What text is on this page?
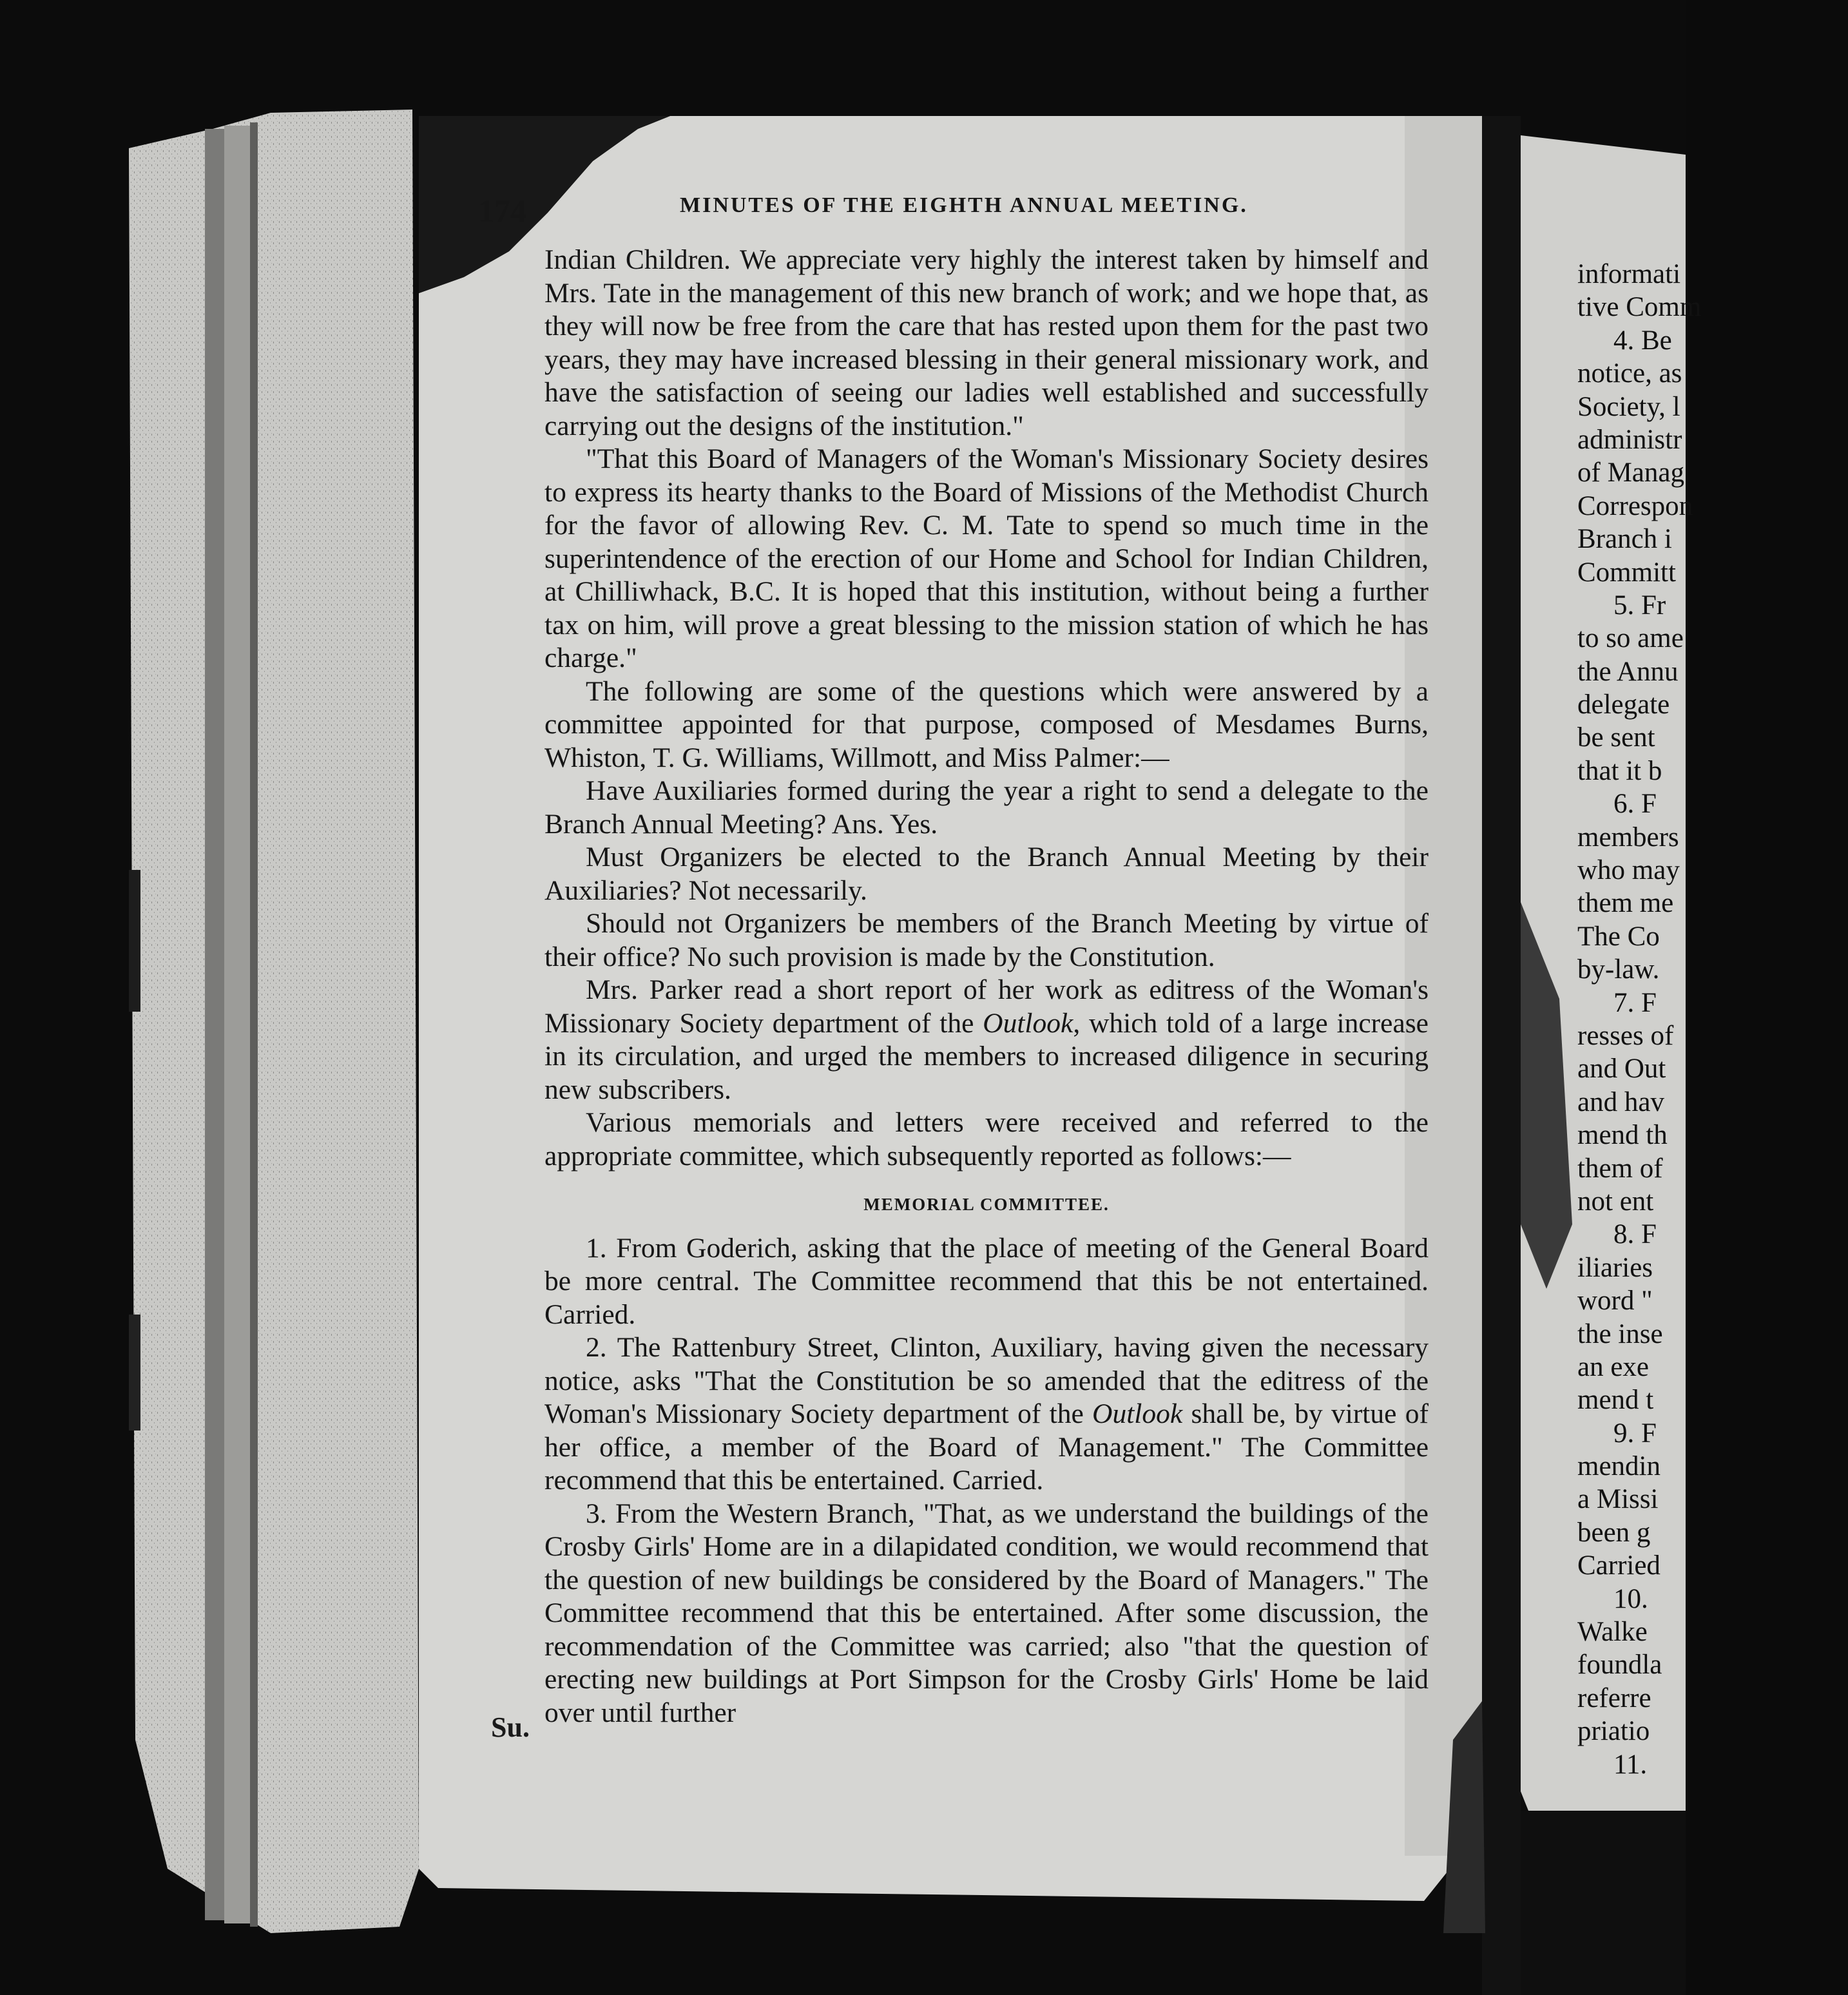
174	MINUTES OF THE EIGHTH ANNUAL MEETING.

Indian Children. We appreciate very highly the interest taken by himself and Mrs. Tate in the management of this new branch of work; and we hope that, as they will now be free from the care that has rested upon them for the past two years, they may have increased blessing in their general missionary work, and have the satisfaction of seeing our ladies well established and successfully carrying out the designs of the institution."

"That this Board of Managers of the Woman's Missionary Society desires to express its hearty thanks to the Board of Missions of the Methodist Church for the favor of allowing Rev. C. M. Tate to spend so much time in the superintendence of the erection of our Home and School for Indian Children, at Chilliwhack, B.C. It is hoped that this institution, without being a further tax on him, will prove a great blessing to the mission station of which he has charge."

The following are some of the questions which were answered by a committee appointed for that purpose, composed of Mesdames Burns, Whiston, T. G. Williams, Willmott, and Miss Palmer:—

Have Auxiliaries formed during the year a right to send a delegate to the Branch Annual Meeting? Ans. Yes.

Must Organizers be elected to the Branch Annual Meeting by their Auxiliaries? Not necessarily.

Should not Organizers be members of the Branch Meeting by virtue of their office? No such provision is made by the Constitution.

Mrs. Parker read a short report of her work as editress of the Woman's Missionary Society department of the Outlook, which told of a large increase in its circulation, and urged the members to increased diligence in securing new subscribers.

Various memorials and letters were received and referred to the appropriate committee, which subsequently reported as follows:—

MEMORIAL COMMITTEE.

1. From Goderich, asking that the place of meeting of the General Board be more central. The Committee recommend that this be not entertained. Carried.

2. The Rattenbury Street, Clinton, Auxiliary, having given the necessary notice, asks "That the Constitution be so amended that the editress of the Woman's Missionary Society department of the Outlook shall be, by virtue of her office, a member of the Board of Management." The Committee recommend that this be entertained. Carried.

3. From the Western Branch, "That, as we understand the buildings of the Crosby Girls' Home are in a dilapidated condition, we would recommend that the question of new buildings be considered by the Board of Managers." The Committee recommend that this be entertained. After some discussion, the recommendation of the Committee was carried; also "that the question of erecting new buildings at Port Simpson for the Crosby Girls' Home be laid over until further

Su.
informati
tive Comm
4. Be
notice, as
Society, l
administr
of Manag
Correspon
Branch i
Committ
5. Fr
to so ame
the Annu
delegate
be sent
that it b
6. F
members
who may
them me
The Co
by-law.
7. F
resses of
and Out
and hav
mend th
them of
not ent
8. F
iliaries
word "
the inse
an exe
mend t
9. F
mendin
a Missi
been g
Carried
10.
Walke
foundla
referre
priatio
11.
